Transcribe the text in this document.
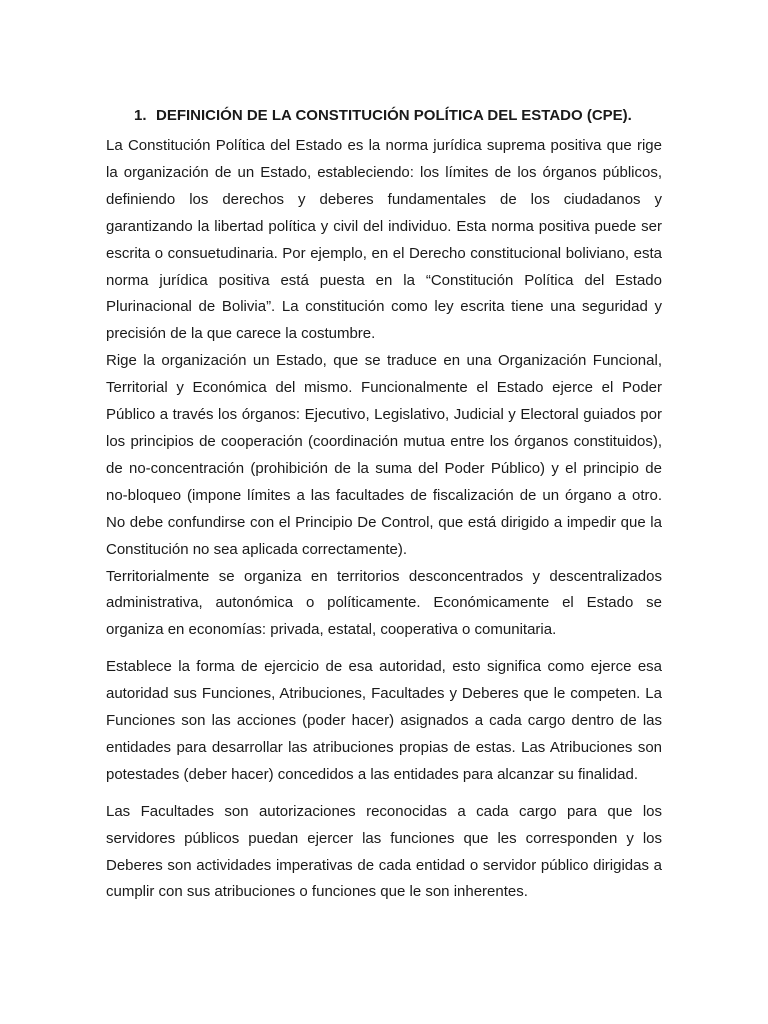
1. DEFINICIÓN DE LA CONSTITUCIÓN POLÍTICA DEL ESTADO (CPE).

La Constitución Política del Estado es la norma jurídica suprema positiva que rige la organización de un Estado, estableciendo: los límites de los órganos públicos, definiendo los derechos y deberes fundamentales de los ciudadanos y garantizando la libertad política y civil del individuo. Esta norma positiva puede ser escrita o consuetudinaria. Por ejemplo, en el Derecho constitucional boliviano, esta norma jurídica positiva está puesta en la “Constitución Política del Estado Plurinacional de Bolivia”. La constitución como ley escrita tiene una seguridad y precisión de la que carece la costumbre.

Rige la organización un Estado, que se traduce en una Organización Funcional, Territorial y Económica del mismo. Funcionalmente el Estado ejerce el Poder Público a través los órganos: Ejecutivo, Legislativo, Judicial y Electoral guiados por los principios de cooperación (coordinación mutua entre los órganos constituidos), de no-concentración (prohibición de la suma del Poder Público) y el principio de no-bloqueo (impone límites a las facultades de fiscalización de un órgano a otro. No debe confundirse con el Principio De Control, que está dirigido a impedir que la Constitución no sea aplicada correctamente).

Territorialmente se organiza en territorios desconcentrados y descentralizados administrativa, autonómica o políticamente. Económicamente el Estado se organiza en economías: privada, estatal, cooperativa o comunitaria.

Establece la forma de ejercicio de esa autoridad, esto significa como ejerce esa autoridad sus Funciones, Atribuciones, Facultades y Deberes que le competen. La Funciones son las acciones (poder hacer) asignados a cada cargo dentro de las entidades para desarrollar las atribuciones propias de estas. Las Atribuciones son potestades (deber hacer) concedidos a las entidades para alcanzar su finalidad.

Las Facultades son autorizaciones reconocidas a cada cargo para que los servidores públicos puedan ejercer las funciones que les corresponden y los Deberes son actividades imperativas de cada entidad o servidor público dirigidas a cumplir con sus atribuciones o funciones que le son inherentes.
